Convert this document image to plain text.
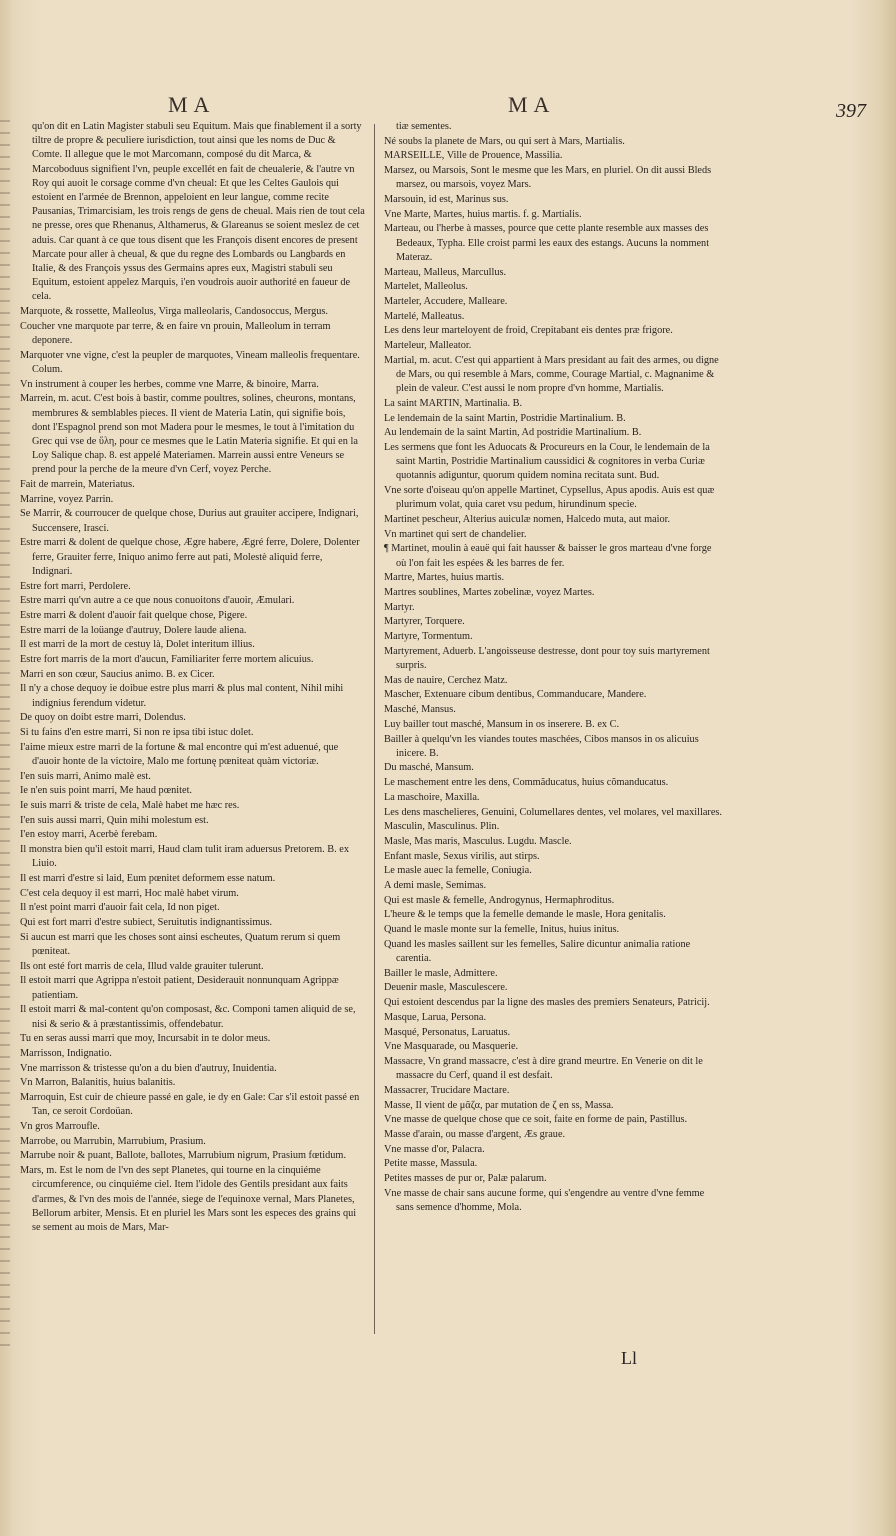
MA	MA	397

qu'on dit en Latin Magister stabuli seu Equitum. Mais que finablement il a sorty tiltre de propre & peculiere iurisdiction, tout ainsi que les noms de Duc & Comte. Il allegue que le mot Marcomann, composé du dit Marca, & Marcoboduus signifient l'vn, peuple excellét en fait de cheualerie, & l'autre vn Roy qui auoit le corsage comme d'vn cheual: Et que les Celtes Gaulois qui estoient en l'armée de Brennon, appeloient en leur langue, comme recite Pausanias, Trimarcisiam, les trois rengs de gens de cheual. Mais rien de tout cela ne presse, ores que Rhenanus, Althamerus, & Glareanus se soient meslez de cet aduis. Car quant à ce que tous disent que les François disent encores de present Marcate pour aller à cheual, & que du regne des Lombards ou Langbards en Italie, & des François yssus des Germains apres eux, Magistri stabuli seu Equitum, estoient appelez Marquis, i'en voudrois auoir authorité en faueur de cela.

Marquote, & rossette, Malleolus, Virga malleolaris, Candosoccus, Mergus.

Coucher vne marquote par terre, & en faire vn prouin, Malleolum in terram deponere.

Marquoter vne vigne, c'est la peupler de marquotes, Vineam malleolis frequentare. Colum.

Vn instrument à couper les herbes, comme vne Marre, & binoire, Marra.

Marrein, m. acut. C'est bois à bastir, comme poultres, solines, cheurons, montans, membrures & semblables pieces. Il vient de Materia Latin, qui signifie bois, dont l'Espagnol prend son mot Madera pour le mesmes, le tout à l'imitation du Grec qui vse de ὕλη, pour ce mesmes que le Latin Materia signifie. Et qui en la Loy Salique chap. 8. est appelé Materiamen. Marrein aussi entre Veneurs se prend pour la perche de la meure d'vn Cerf, voyez Perche.

Fait de marrein, Materiatus.

Marrine, voyez Parrin.

Se Marrir, & courroucer de quelque chose, Durius aut grauiter accipere, Indignari, Succensere, Irasci.

Estre marri & dolent de quelque chose, Ægre habere, Ægré ferre, Dolere, Dolenter ferre, Grauiter ferre, Iniquo animo ferre aut pati, Molestè aliquid ferre, Indignari.

Estre fort marri, Perdolere.

Estre marri qu'vn autre a ce que nous conuoitons d'auoir, Æmulari.

Estre marri & dolent d'auoir fait quelque chose, Pigere.

Estre marri de la loüange d'autruy, Dolere laude aliena.

Il est marri de la mort de cestuy là, Dolet interitum illius.

Estre fort marris de la mort d'aucun, Familiariter ferre mortem alicuius.

Marri en son cœur, Saucius animo. B. ex Cicer.

Il n'y a chose dequoy ie doibue estre plus marri & plus mal content, Nihil mihi indignius ferendum videtur.

De quoy on doibt estre marri, Dolendus.

Si tu fains d'en estre marri, Si non re ipsa tibi istuc dolet.

I'aime mieux estre marri de la fortune & mal encontre qui m'est aduenué, que d'auoir honte de la victoire, Malo me fortunę pœniteat quàm victoriæ.

I'en suis marri, Animo malè est.

Ie n'en suis point marri, Me haud pœnitet.

Ie suis marri & triste de cela, Malè habet me hæc res.

I'en suis aussi marri, Quin mihi molestum est.

I'en estoy marri, Acerbè ferebam.

Il monstra bien qu'il estoit marri, Haud clam tulit iram aduersus Pretorem. B. ex Liuio.

Il est marri d'estre si laid, Eum pœnitet deformem esse natum.

C'est cela dequoy il est marri, Hoc malè habet virum.

Il n'est point marri d'auoir fait cela, Id non piget.

Qui est fort marri d'estre subiect, Seruitutis indignantissimus.

Si aucun est marri que les choses sont ainsi escheutes, Quatum rerum si quem pœniteat.

Ils ont esté fort marris de cela, Illud valde grauiter tulerunt.

Il estoit marri que Agrippa n'estoit patient, Desiderauit nonnunquam Agrippæ patientiam.

Il estoit marri & mal-content qu'on composast, &c. Componi tamen aliquid de se, nisi & serio & à præstantissimis, offendebatur.

Tu en seras aussi marri que moy, Incursabit in te dolor meus.

Marrisson, Indignatio.

Vne marrisson & tristesse qu'on a du bien d'autruy, Inuidentia.

Vn Marron, Balanitis, huius balanitis.

Marroquin, Est cuir de chieure passé en gale, ie dy en Gale: Car s'il estoit passé en Tan, ce seroit Cordoüan.

Vn gros Marroufle.

Marrobe, ou Marrubin, Marrubium, Prasium.

Marrube noir & puant, Ballote, ballotes, Marrubium nigrum, Prasium fœtidum.

Mars, m. Est le nom de l'vn des sept Planetes, qui tourne en la cinquiéme circumference, ou cinquiéme ciel. Item l'idole des Gentils presidant aux faits d'armes, & l'vn des mois de l'année, siege de l'equinoxe vernal, Mars Planetes, Bellorum arbiter, Mensis. Et en pluriel les Mars sont les especes des grains qui se sement au mois de Mars, Mar-

tiæ sementes.

Né soubs la planete de Mars, ou qui sert à Mars, Martialis.

MARSEILLE, Ville de Prouence, Massilia.

Marsez, ou Marsois, Sont le mesme que les Mars, en pluriel. On dit aussi Bleds marsez, ou marsois, voyez Mars.

Marsouin, id est, Marinus sus.

Vne Marte, Martes, huius martis. f. g. Martialis.

Marteau, ou l'herbe à masses, pource que cette plante resemble aux masses des Bedeaux, Typha. Elle croist parmi les eaux des estangs. Aucuns la nomment Materaz.

Marteau, Malleus, Marcullus.

Martelet, Malleolus.

Marteler, Accudere, Malleare.

Martelé, Malleatus.

Les dens leur marteloyent de froid, Crepitabant eis dentes præ frigore.

Marteleur, Malleator.

Martial, m. acut. C'est qui appartient à Mars presidant au fait des armes, ou digne de Mars, ou qui resemble à Mars, comme, Courage Martial, c. Magnanime & plein de valeur. C'est aussi le nom propre d'vn homme, Martialis.

La saint MARTIN, Martinalia. B.

Le lendemain de la saint Martin, Postridie Martinalium. B.

Au lendemain de la saint Martin, Ad postridie Martinalium. B.

Les sermens que font les Aduocats & Procureurs en la Cour, le lendemain de la saint Martin, Postridie Martinalium caussidici & cognitores in verba Curiæ quotannis adiguntur, quorum quidem nomina recitata sunt. Bud.

Vne sorte d'oiseau qu'on appelle Martinet, Cypsellus, Apus apodis. Auis est quæ plurimum volat, quia caret vsu pedum, hirundinum specie.

Martinet pescheur, Alterius auiculæ nomen, Halcedo muta, aut maior.

Vn martinet qui sert de chandelier.

¶ Martinet, moulin à eauë qui fait hausser & baisser le gros marteau d'vne forge où l'on fait les espées & les barres de fer.

Martre, Martes, huius martis.

Martres soublines, Martes zobelinæ, voyez Martes.

Martyr.

Martyrer, Torquere.

Martyre, Tormentum.

Martyrement, Aduerb. L'angoisseuse destresse, dont pour toy suis martyrement surpris.

Mas de nauire, Cerchez Matz.

Mascher, Extenuare cibum dentibus, Commanducare, Mandere.

Masché, Mansus.

Luy bailler tout masché, Mansum in os inserere. B. ex C.

Bailler à quelqu'vn les viandes toutes maschées, Cibos mansos in os alicuius inicere. B.

Du masché, Mansum.

Le maschement entre les dens, Commãducatus, huius cõmanducatus.

La maschoire, Maxilla.

Les dens maschelieres, Genuini, Columellares dentes, vel molares, vel maxillares.

Masculin, Masculinus. Plin.

Masle, Mas maris, Masculus. Lugdu. Mascle.

Enfant masle, Sexus virilis, aut stirps.

Le masle auec la femelle, Coniugia.

A demi masle, Semimas.

Qui est masle & femelle, Androgynus, Hermaphroditus.

L'heure & le temps que la femelle demande le masle, Hora genitalis.

Quand le masle monte sur la femelle, Initus, huius initus.

Quand les masles saillent sur les femelles, Salire dicuntur animalia ratione carentia.

Bailler le masle, Admittere.

Deuenir masle, Masculescere.

Qui estoient descendus par la ligne des masles des premiers Senateurs, Patricij.

Masque, Larua, Persona.

Masqué, Personatus, Laruatus.

Vne Masquarade, ou Masquerie.

Massacre, Vn grand massacre, c'est à dire grand meurtre. En Venerie on dit le massacre du Cerf, quand il est desfait.

Massacrer, Trucidare Mactare.

Masse, Il vient de μᾶζα, par mutation de ζ en ss, Massa.

Vne masse de quelque chose que ce soit, faite en forme de pain, Pastillus.

Masse d'arain, ou masse d'argent, Æs graue.

Vne masse d'or, Palacra.

Petite masse, Massula.

Petites masses de pur or, Palæ palarum.

Vne masse de chair sans aucune forme, qui s'engendre au ventre d'vne femme sans semence d'homme, Mola.

Ll
